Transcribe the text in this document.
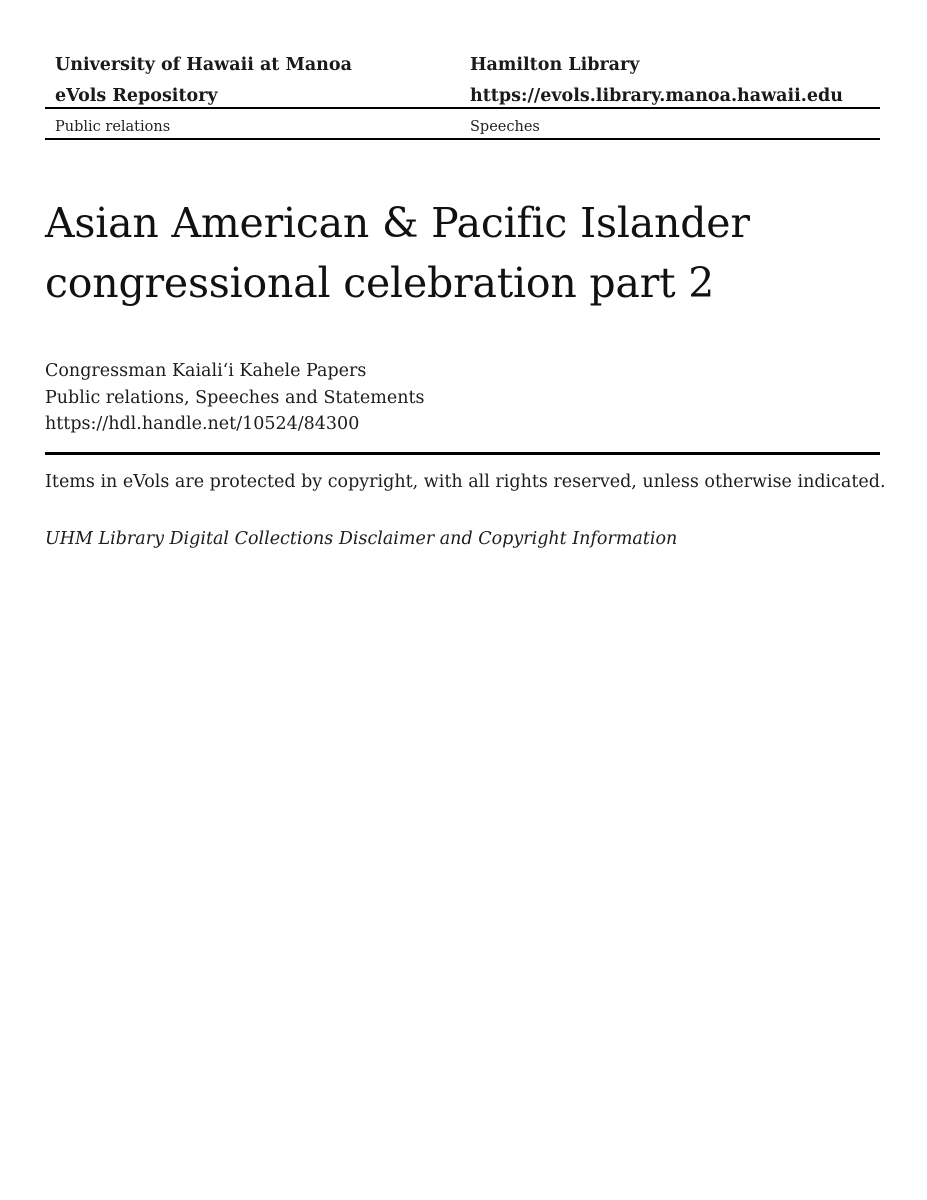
University of Hawaii at Manoa
eVols Repository
Hamilton Library
https://evols.library.manoa.hawaii.edu
Public relations	Speeches
Asian American & Pacific Islander congressional celebration part 2
Congressman Kaialiʻi Kahele Papers
Public relations, Speeches and Statements
https://hdl.handle.net/10524/84300
Items in eVols are protected by copyright, with all rights reserved, unless otherwise indicated.
UHM Library Digital Collections Disclaimer and Copyright Information
